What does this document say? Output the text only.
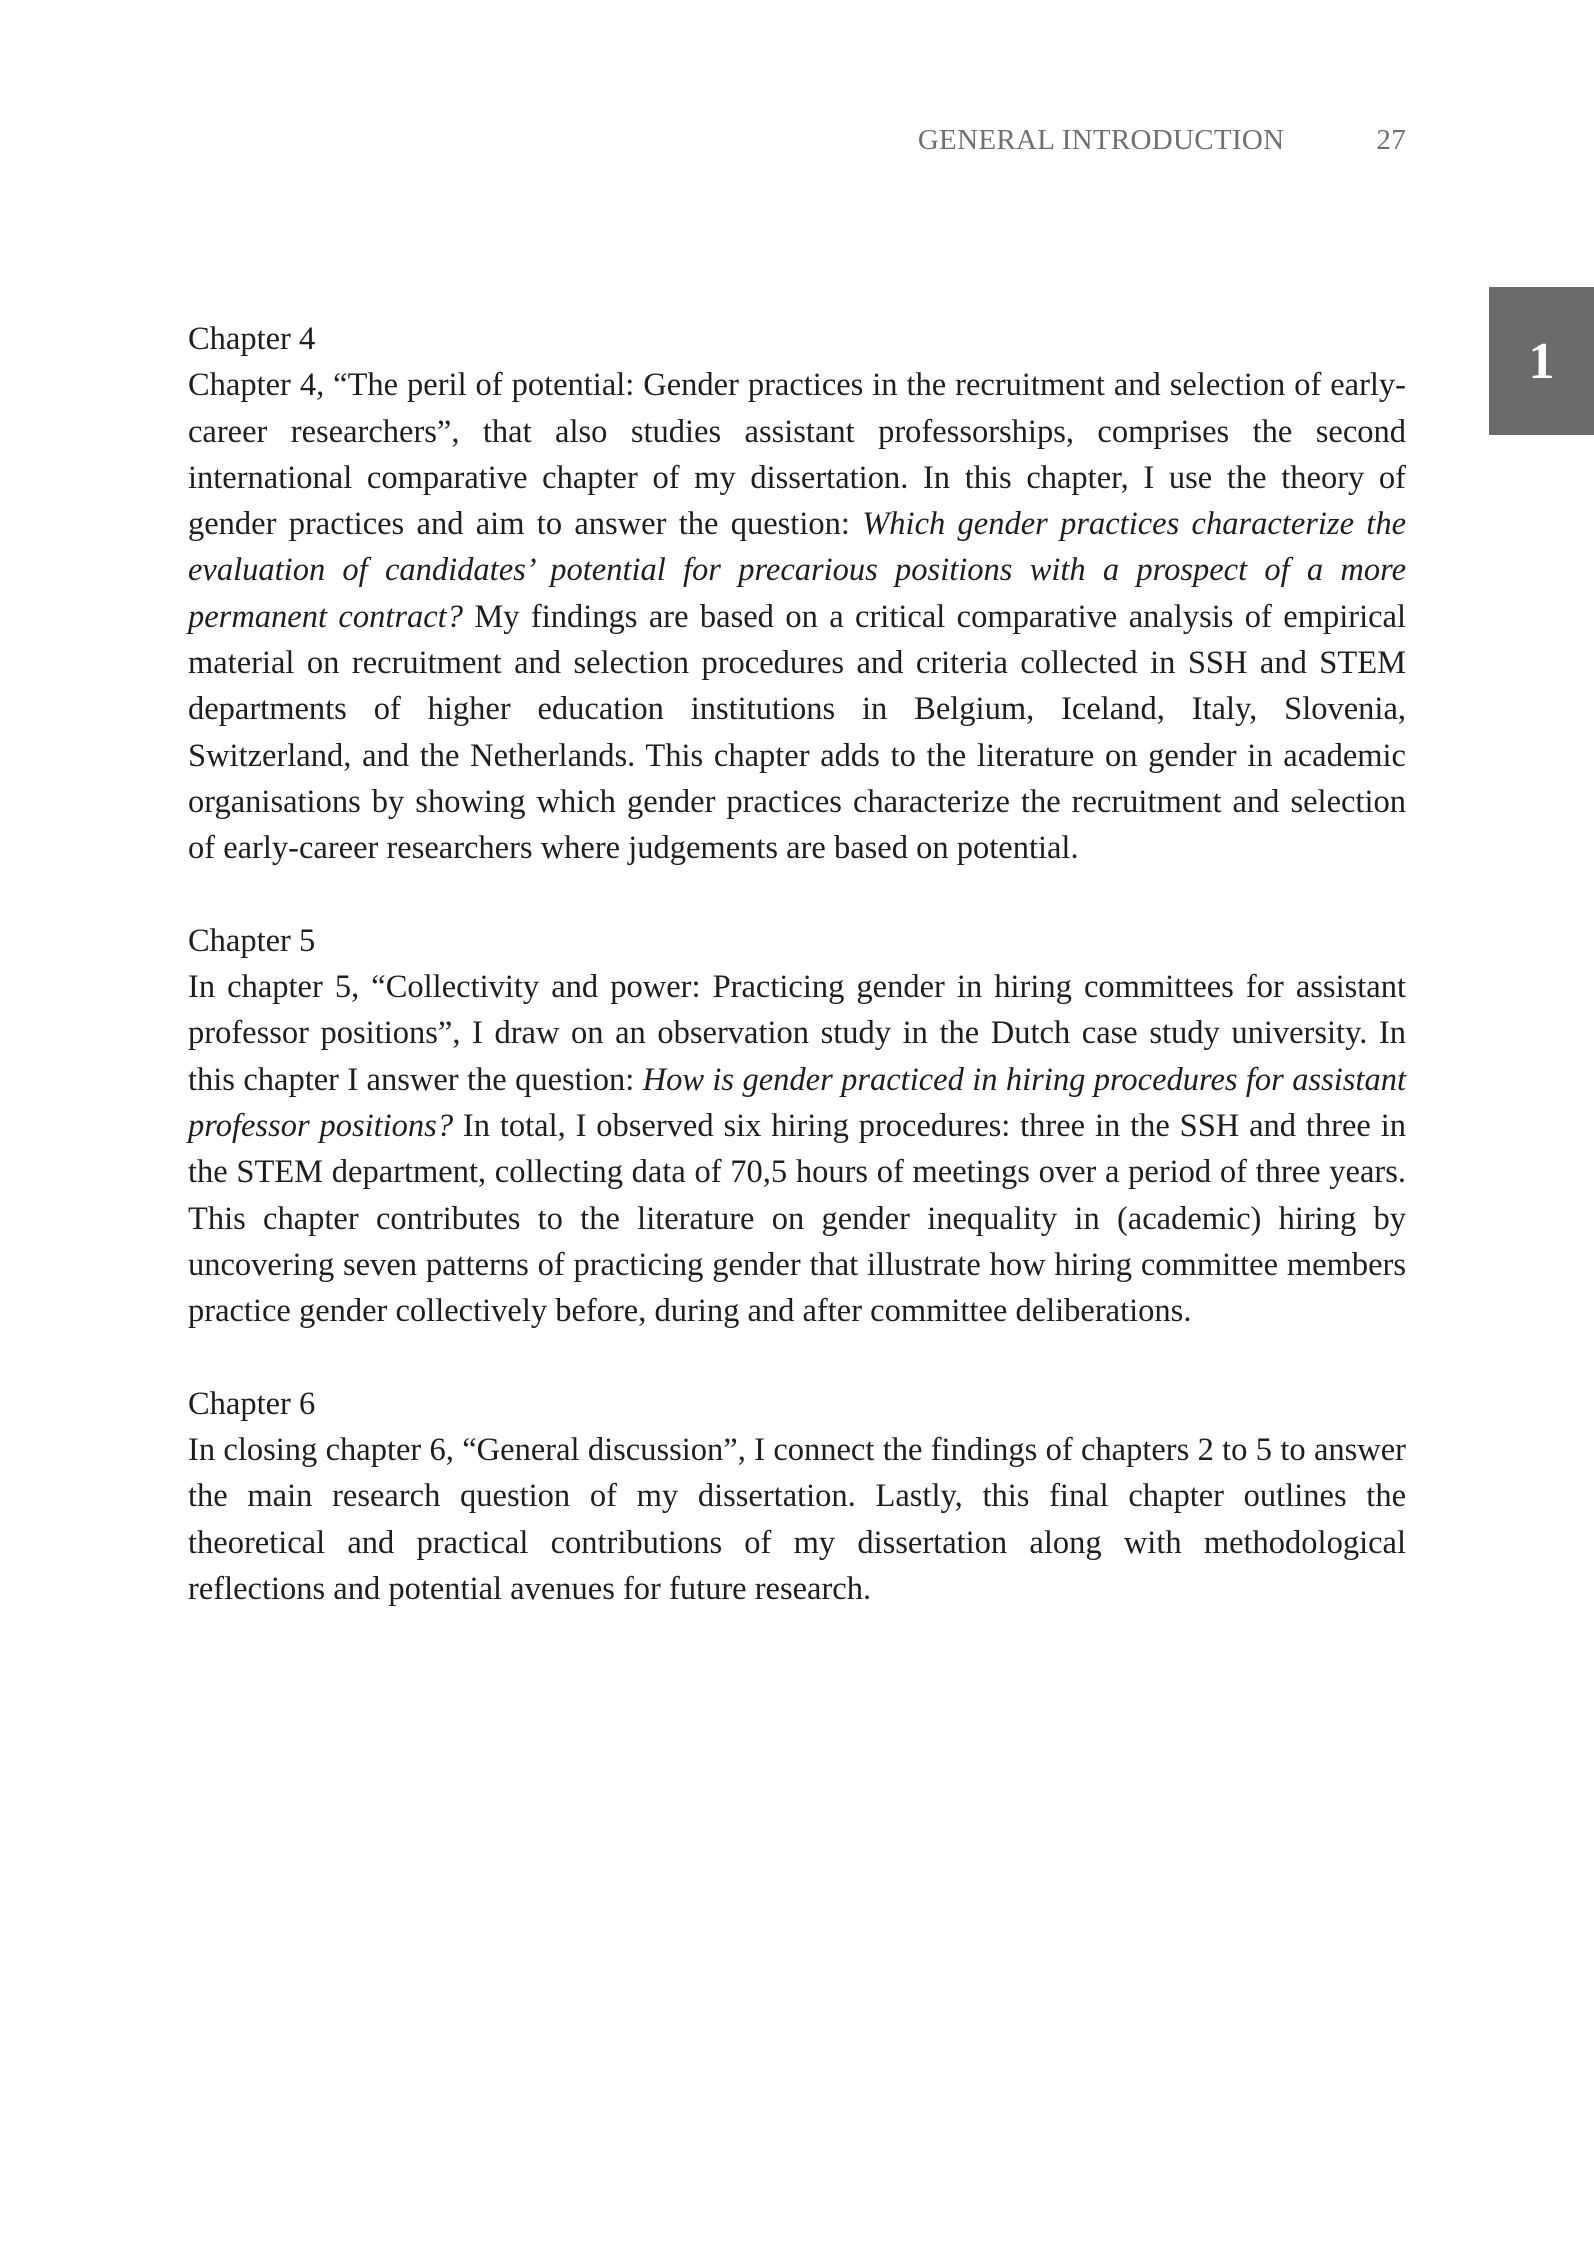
GENERAL INTRODUCTION	27
1
Chapter 4

Chapter 4, “The peril of potential: Gender practices in the recruitment and selection of early-career researchers”, that also studies assistant professorships, comprises the second international comparative chapter of my dissertation. In this chapter, I use the theory of gender practices and aim to answer the question: Which gender practices characterize the evaluation of candidates’ potential for precarious positions with a prospect of a more permanent contract? My findings are based on a critical comparative analysis of empirical material on recruitment and selection procedures and criteria collected in SSH and STEM departments of higher education institutions in Belgium, Iceland, Italy, Slovenia, Switzerland, and the Netherlands. This chapter adds to the literature on gender in academic organisations by showing which gender practices characterize the recruitment and selection of early-career researchers where judgements are based on potential.

Chapter 5

In chapter 5, “Collectivity and power: Practicing gender in hiring committees for assistant professor positions”, I draw on an observation study in the Dutch case study university. In this chapter I answer the question: How is gender practiced in hiring procedures for assistant professor positions? In total, I observed six hiring procedures: three in the SSH and three in the STEM department, collecting data of 70,5 hours of meetings over a period of three years. This chapter contributes to the literature on gender inequality in (academic) hiring by uncovering seven patterns of practicing gender that illustrate how hiring committee members practice gender collectively before, during and after committee deliberations.

Chapter 6

In closing chapter 6, “General discussion”, I connect the findings of chapters 2 to 5 to answer the main research question of my dissertation. Lastly, this final chapter outlines the theoretical and practical contributions of my dissertation along with methodological reflections and potential avenues for future research.
